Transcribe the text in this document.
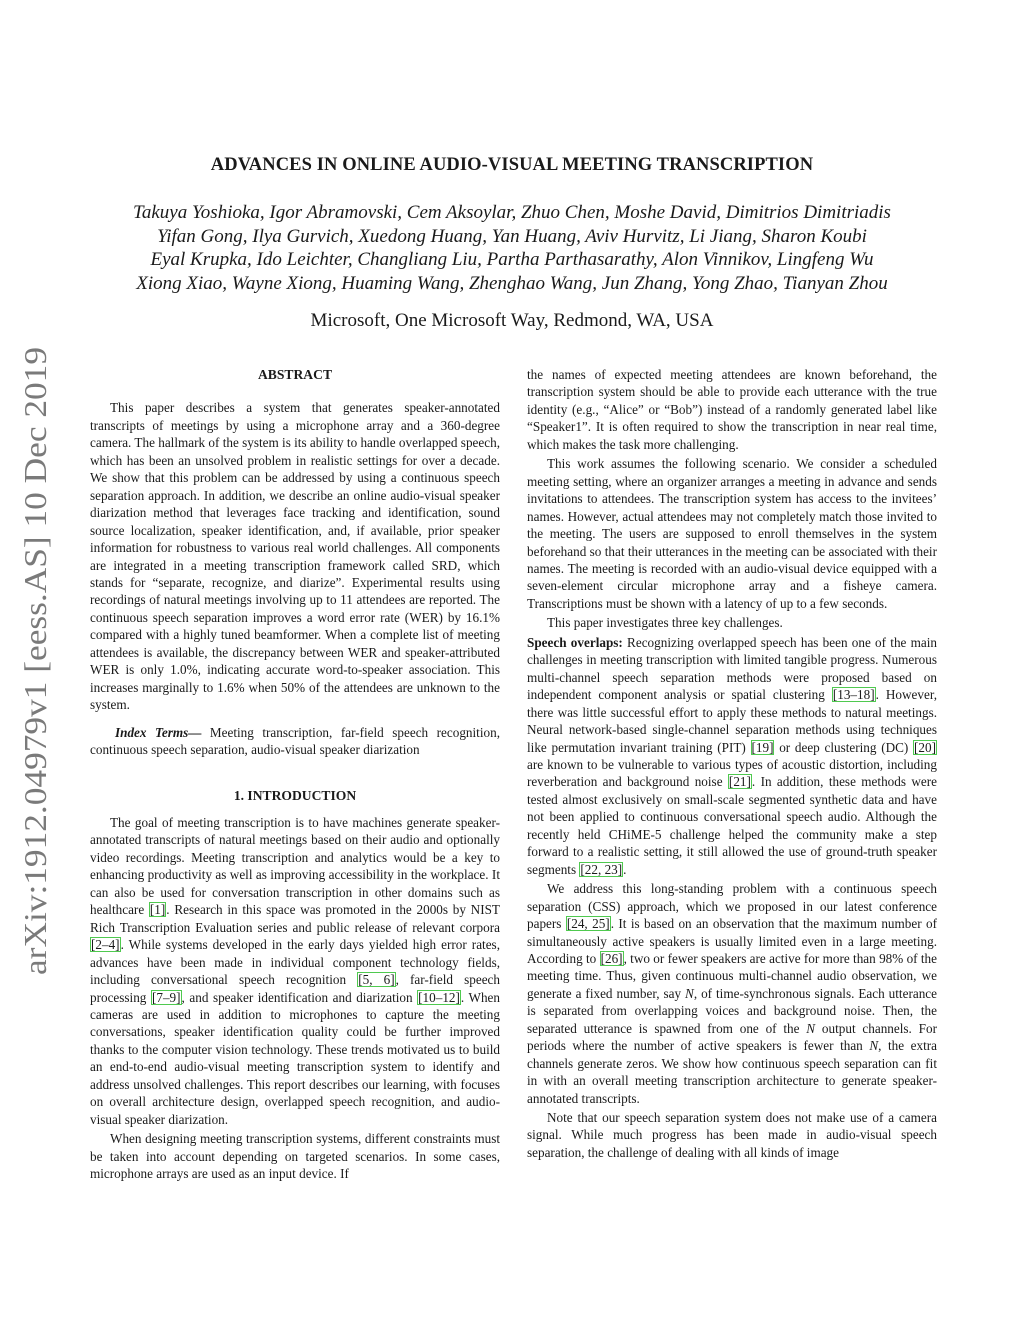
arXiv:1912.04979v1 [eess.AS] 10 Dec 2019
ADVANCES IN ONLINE AUDIO-VISUAL MEETING TRANSCRIPTION
Takuya Yoshioka, Igor Abramovski, Cem Aksoylar, Zhuo Chen, Moshe David, Dimitrios Dimitriadis
Yifan Gong, Ilya Gurvich, Xuedong Huang, Yan Huang, Aviv Hurvitz, Li Jiang, Sharon Koubi
Eyal Krupka, Ido Leichter, Changliang Liu, Partha Parthasarathy, Alon Vinnikov, Lingfeng Wu
Xiong Xiao, Wayne Xiong, Huaming Wang, Zhenghao Wang, Jun Zhang, Yong Zhao, Tianyan Zhou
Microsoft, One Microsoft Way, Redmond, WA, USA
ABSTRACT

This paper describes a system that generates speaker-annotated transcripts of meetings by using a microphone array and a 360-degree camera. The hallmark of the system is its ability to handle overlapped speech, which has been an unsolved problem in realistic settings for over a decade. We show that this problem can be addressed by using a continuous speech separation approach. In addition, we describe an online audio-visual speaker diarization method that leverages face tracking and identification, sound source localization, speaker identification, and, if available, prior speaker information for robustness to various real world challenges. All components are integrated in a meeting transcription framework called SRD, which stands for “separate, recognize, and diarize”. Experimental results using recordings of natural meetings involving up to 11 attendees are reported. The continuous speech separation improves a word error rate (WER) by 16.1% compared with a highly tuned beamformer. When a complete list of meeting attendees is available, the discrepancy between WER and speaker-attributed WER is only 1.0%, indicating accurate word-to-speaker association. This increases marginally to 1.6% when 50% of the attendees are unknown to the system.

Index Terms— Meeting transcription, far-field speech recognition, continuous speech separation, audio-visual speaker diarization

1. INTRODUCTION

The goal of meeting transcription is to have machines generate speaker-annotated transcripts of natural meetings based on their audio and optionally video recordings. Meeting transcription and analytics would be a key to enhancing productivity as well as improving accessibility in the workplace. It can also be used for conversation transcription in other domains such as healthcare [1]. Research in this space was promoted in the 2000s by NIST Rich Transcription Evaluation series and public release of relevant corpora [2–4]. While systems developed in the early days yielded high error rates, advances have been made in individual component technology fields, including conversational speech recognition [5, 6], far-field speech processing [7–9], and speaker identification and diarization [10–12]. When cameras are used in addition to microphones to capture the meeting conversations, speaker identification quality could be further improved thanks to the computer vision technology. These trends motivated us to build an end-to-end audio-visual meeting transcription system to identify and address unsolved challenges. This report describes our learning, with focuses on overall architecture design, overlapped speech recognition, and audio-visual speaker diarization.

When designing meeting transcription systems, different constraints must be taken into account depending on targeted scenarios. In some cases, microphone arrays are used as an input device. If

the names of expected meeting attendees are known beforehand, the transcription system should be able to provide each utterance with the true identity (e.g., “Alice” or “Bob”) instead of a randomly generated label like “Speaker1”. It is often required to show the transcription in near real time, which makes the task more challenging.

This work assumes the following scenario. We consider a scheduled meeting setting, where an organizer arranges a meeting in advance and sends invitations to attendees. The transcription system has access to the invitees’ names. However, actual attendees may not completely match those invited to the meeting. The users are supposed to enroll themselves in the system beforehand so that their utterances in the meeting can be associated with their names. The meeting is recorded with an audio-visual device equipped with a seven-element circular microphone array and a fisheye camera. Transcriptions must be shown with a latency of up to a few seconds.

This paper investigates three key challenges.

Speech overlaps: Recognizing overlapped speech has been one of the main challenges in meeting transcription with limited tangible progress. Numerous multi-channel speech separation methods were proposed based on independent component analysis or spatial clustering [13–18]. However, there was little successful effort to apply these methods to natural meetings. Neural network-based single-channel separation methods using techniques like permutation invariant training (PIT) [19] or deep clustering (DC) [20] are known to be vulnerable to various types of acoustic distortion, including reverberation and background noise [21]. In addition, these methods were tested almost exclusively on small-scale segmented synthetic data and have not been applied to continuous conversational speech audio. Although the recently held CHiME-5 challenge helped the community make a step forward to a realistic setting, it still allowed the use of ground-truth speaker segments [22, 23].

We address this long-standing problem with a continuous speech separation (CSS) approach, which we proposed in our latest conference papers [24, 25]. It is based on an observation that the maximum number of simultaneously active speakers is usually limited even in a large meeting. According to [26], two or fewer speakers are active for more than 98% of the meeting time. Thus, given continuous multi-channel audio observation, we generate a fixed number, say N, of time-synchronous signals. Each utterance is separated from overlapping voices and background noise. Then, the separated utterance is spawned from one of the N output channels. For periods where the number of active speakers is fewer than N, the extra channels generate zeros. We show how continuous speech separation can fit in with an overall meeting transcription architecture to generate speaker-annotated transcripts.

Note that our speech separation system does not make use of a camera signal. While much progress has been made in audio-visual speech separation, the challenge of dealing with all kinds of image
